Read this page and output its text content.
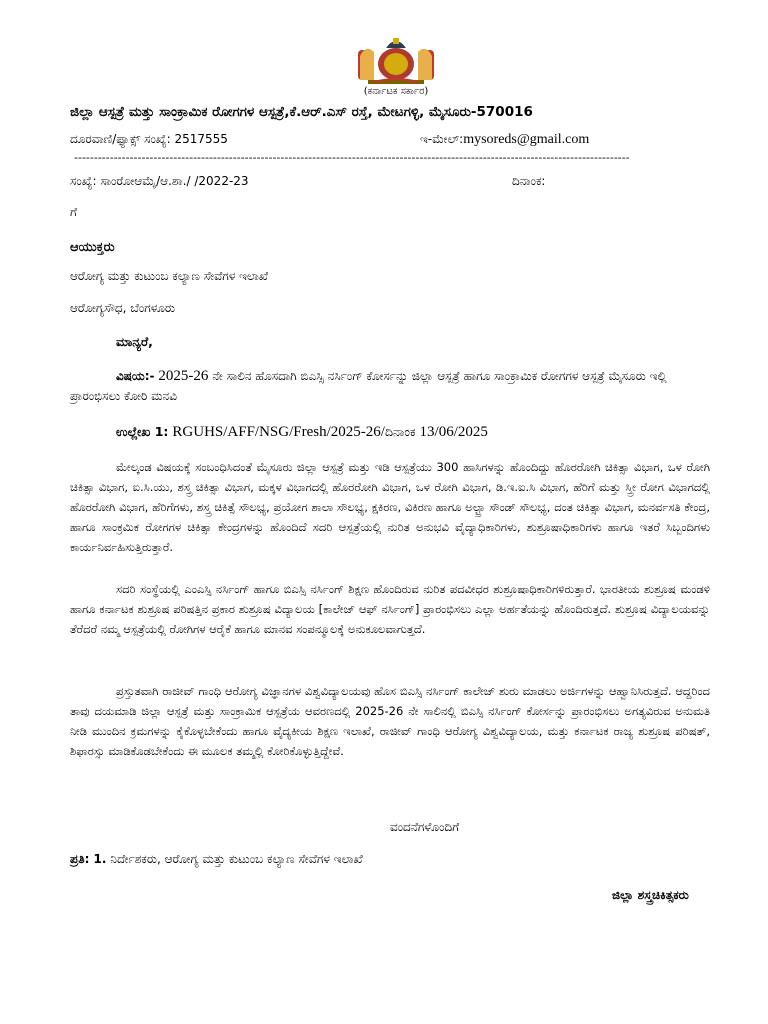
(ಕರ್ನಾಟಕ ಸರ್ಕಾರ)
ಜಿಲ್ಲಾ ಆಸ್ಪತ್ರೆ ಮತ್ತು ಸಾಂಕ್ರಾಮಿಕ ರೋಗಗಳ ಆಸ್ಪತ್ರೆ,ಕೆ.ಆರ್.ಎಸ್ ರಸ್ತೆ, ಮೇಟಗಳ್ಳಿ, ಮೈಸೂರು-570016
ದೂರವಾಣಿ/ಫ್ಯಾಕ್ಸ್ ಸಂಖ್ಯೆ: 2517555	ಇ-ಮೇಲ್:mysoreds@gmail.com
--------------------------------------------------------------------------------------------------------------------------------------------
ಸಂಖ್ಯೆ: ಸಾಂರೋಆಮೈ/ಆ.ಶಾ./ /2022-23	ದಿನಾಂಕ:
ಗೆ
ಆಯುಕ್ತರು
ಆರೋಗ್ಯ ಮತ್ತು ಕುಟುಂಬ ಕಲ್ಯಾಣ ಸೇವೆಗಳ ಇಲಾಖೆ
ಆರೋಗ್ಯಸೌಧ, ಬೆಂಗಳೂರು
ಮಾನ್ಯರೆ,
ವಿಷಯ:- 2025-26 ನೇ ಸಾಲಿನ ಹೊಸದಾಗಿ ಬಿಎಸ್ಸಿ ನರ್ಸಿಂಗ್ ಕೋರ್ಸನ್ನು ಜಿಲ್ಲಾ ಆಸ್ಪತ್ರೆ ಹಾಗೂ ಸಾಂಕ್ರಾಮಿಕ ರೋಗಗಳ ಆಸ್ಪತ್ರೆ ಮೈಸೂರು ಇಲ್ಲಿ ಪ್ರಾರಂಭಿಸಲು ಕೋರಿ ಮನವಿ
ಉಲ್ಲೇಖ 1: RGUHS/AFF/NSG/Fresh/2025-26/ದಿನಾಂಕ 13/06/2025
ಮೇಲ್ಕಂಡ ವಿಷಯಕ್ಕೆ ಸಂಬಂಧಿಸಿದಂತೆ ಮೈಸೂರು ಜಿಲ್ಲಾ ಆಸ್ಪತ್ರೆ ಮತ್ತು ಇಡಿ ಆಸ್ಪತ್ರೆಯು 300 ಹಾಸಿಗಳನ್ನು ಹೊಂದಿದ್ದು ಹೊರರೋಗಿ ಚಿಕಿತ್ಸಾ ವಿಭಾಗ, ಒಳ ರೋಗಿ ಚಿಕಿತ್ಸಾ ವಿಭಾಗ, ಐ.ಸಿ.ಯು, ಶಸ್ತ್ರ ಚಿಕಿತ್ಸಾ ವಿಭಾಗ, ಮಕ್ಕಳ ವಿಭಾಗದಲ್ಲಿ ಹೊರರೋಗಿ ವಿಭಾಗ, ಒಳ ರೋಗಿ ವಿಭಾಗ, ಡಿ.ಇ.ಐ.ಸಿ ವಿಭಾಗ, ಹೆರಿಗೆ ಮತ್ತು ಸ್ತ್ರೀ ರೋಗ ವಿಭಾಗದಲ್ಲಿ ಹೊರರೋಗಿ ವಿಭಾಗ, ಹೆರಿಗೆಗಳು, ಶಸ್ತ್ರ ಚಿಕಿತ್ಸೆ ಸೌಲಭ್ಯ, ಪ್ರಯೋಗ ಶಾಲಾ ಸೌಲಭ್ಯ, ಕ್ಷಕಿರಣ, ವಿಕಿರಣ ಹಾಗೂ ಅಲ್ಟ್ರಾ ಸೌಂಡ್ ಸೌಲಭ್ಯ, ದಂತ ಚಿಕಿತ್ಸಾ ವಿಭಾಗ, ಮನರ್ವಸತಿ ಕೇಂದ್ರ, ಹಾಗೂ ಸಾಂಕ್ರಮಿಕ ರೋಗಗಳ ಚಿಕಿತ್ಸಾ ಕೇಂದ್ರಗಳನ್ನು ಹೊಂದಿದೆ ಸದರಿ ಆಸ್ಪತ್ರೆಯಲ್ಲಿ ನುರಿತ ಅನುಭವಿ ವೈದ್ಯಾಧಿಕಾರಿಗಳು, ಶುಶ್ರೂಷಾಧಿಕಾರಿಗಳು ಹಾಗೂ ಇತರೆ ಸಿಬ್ಬಂದಿಗಳು ಕಾರ್ಯನಿರ್ವಹಿಸುತ್ತಿರುತ್ತಾರೆ.
ಸದರಿ ಸಂಸ್ಥೆಯಲ್ಲಿ ಎಂಎಸ್ಸಿ ನರ್ಸಿಂಗ್ ಹಾಗೂ ಬಿಎಸ್ಸಿ ನರ್ಸಿಂಗ್ ಶಿಕ್ಷಣ ಹೊಂದಿರುವ ನುರಿತ ಪದವೀಧರ ಶುಶ್ರೂಷಾಧಿಕಾರಿಗಳಿರುತ್ತಾರೆ. ಭಾರತೀಯ ಶುಶ್ರೂಷ ಮಂಡಳಿ ಹಾಗೂ ಕರ್ನಾಟಕ ಶುಶ್ರೂಷ ಪರಿಷತ್ತಿನ ಪ್ರಕಾರ ಶುಶ್ರೂಷ ವಿದ್ಯಾಲಯ [ಕಾಲೇಜ್ ಆಫ್ ನರ್ಸಿಂಗ್] ಪ್ರಾರಂಭಿಸಲು ಎಲ್ಲಾ ಅರ್ಹತೆಯನ್ನು ಹೊಂದಿರುತ್ತದೆ. ಶುಶ್ರೂಷ ವಿದ್ಯಾಲಯವನ್ನು ತೆರೆದರೆ ನಮ್ಮ ಆಸ್ಪತ್ರೆಯಲ್ಲಿ ರೋಗಿಗಳ ಆರೈಕೆ ಹಾಗೂ ಮಾನವ ಸಂಪನ್ಮೂಲಕ್ಕೆ ಅನುಕೂಲವಾಗುತ್ತದೆ.
ಪ್ರಸ್ತುತವಾಗಿ ರಾಜೀವ್ ಗಾಂಧಿ ಆರೋಗ್ಯ ವಿಜ್ಞಾನಗಳ ವಿಶ್ವವಿದ್ಯಾಲಯವು ಹೊಸ ಬಿಎಸ್ಸಿ ನರ್ಸಿಂಗ್ ಕಾಲೇಜ್ ಶುರು ಮಾಡಲು ಅರ್ಜಿಗಳನ್ನು ಆಹ್ವಾನಿಸಿರುತ್ತದೆ. ಆದ್ದರಿಂದ ತಾವು ದಯಮಾಡಿ ಜಿಲ್ಲಾ ಆಸ್ಪತ್ರೆ ಮತ್ತು ಸಾಂಕ್ರಾಮಿಕ ಆಸ್ಪತ್ರೆಯ ಆವರಣದಲ್ಲಿ 2025-26 ನೇ ಸಾಲಿನಲ್ಲಿ ಬಿಎಸ್ಸಿ ನರ್ಸಿಂಗ್ ಕೋರ್ಸನ್ನು ಪ್ರಾರಂಭಿಸಲು ಅಗತ್ಯವಿರುವ ಅನುಮತಿ ನೀಡಿ ಮುಂದಿನ ಕ್ರಮಗಳನ್ನು ಕೈಕೊಳ್ಳಬೇಕೆಂದು ಹಾಗೂ ವೈದ್ಯಕೀಯ ಶಿಕ್ಷಣ ಇಲಾಖೆ, ರಾಜೀವ್ ಗಾಂಧಿ ಆರೋಗ್ಯ ವಿಶ್ವವಿದ್ಯಾಲಯ, ಮತ್ತು ಕರ್ನಾಟಕ ರಾಜ್ಯ ಶುಶ್ರೂಷ ಪರಿಷತ್, ಶಿಫಾರಸ್ಸು ಮಾಡಿಕೊಡಬೇಕೆಂದು ಈ ಮೂಲಕ ತಮ್ಮಲ್ಲಿ ಕೋರಿಕೊಳ್ಳುತ್ತಿದ್ದೇವೆ.
ವಂದನೆಗಳೊಂದಿಗೆ
ಪ್ರತಿ: 1. ನಿರ್ದೇಶಕರು, ಆರೋಗ್ಯ ಮತ್ತು ಕುಟುಂಬ ಕಲ್ಯಾಣ ಸೇವೆಗಳ ಇಲಾಖೆ
ಜಿಲ್ಲಾ ಶಸ್ತ್ರಚಿಕಿತ್ಸಕರು
